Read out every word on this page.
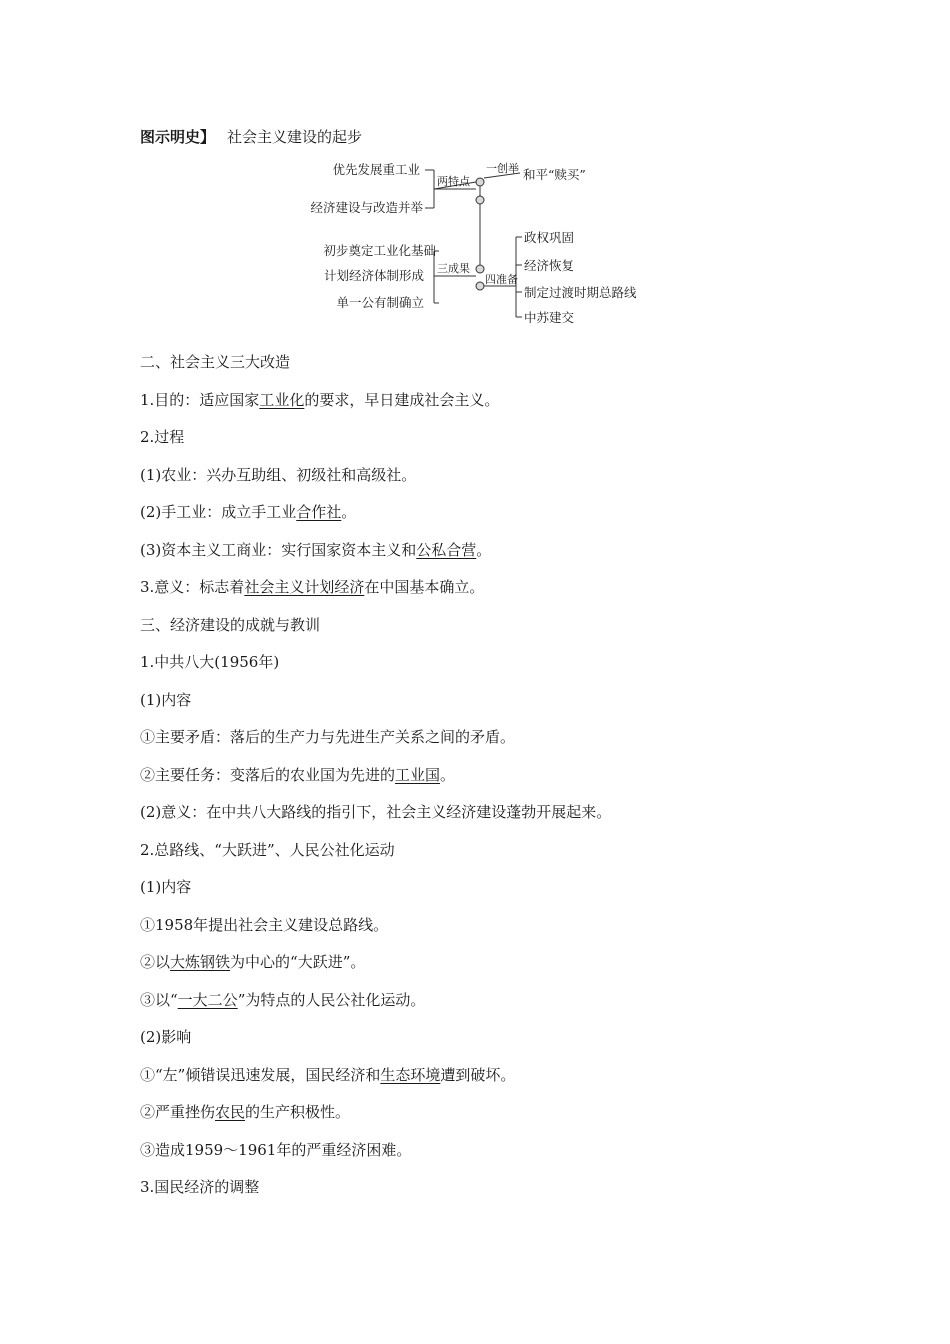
图示明史】 社会主义建设的起步
优先发展重工业
经济建设与改造并举
初步奠定工业化基础
计划经济体制形成
单一公有制确立
两特点
三成果
一创举
四准备
和平“赎买”
政权巩固
经济恢复
制定过渡时期总路线
中苏建交
二、社会主义三大改造
1.目的：适应国家工业化的要求，早日建成社会主义。
2.过程
(1)农业：兴办互助组、初级社和高级社。
(2)手工业：成立手工业合作社。
(3)资本主义工商业：实行国家资本主义和公私合营。
3.意义：标志着社会主义计划经济在中国基本确立。
三、经济建设的成就与教训
1.中共八大(1956年)
(1)内容
①主要矛盾：落后的生产力与先进生产关系之间的矛盾。
②主要任务：变落后的农业国为先进的工业国。
(2)意义：在中共八大路线的指引下，社会主义经济建设蓬勃开展起来。
2.总路线、“大跃进”、人民公社化运动
(1)内容
①1958年提出社会主义建设总路线。
②以大炼钢铁为中心的“大跃进”。
③以“一大二公”为特点的人民公社化运动。
(2)影响
①“左”倾错误迅速发展，国民经济和生态环境遭到破坏。
②严重挫伤农民的生产积极性。
③造成1959～1961年的严重经济困难。
3.国民经济的调整
